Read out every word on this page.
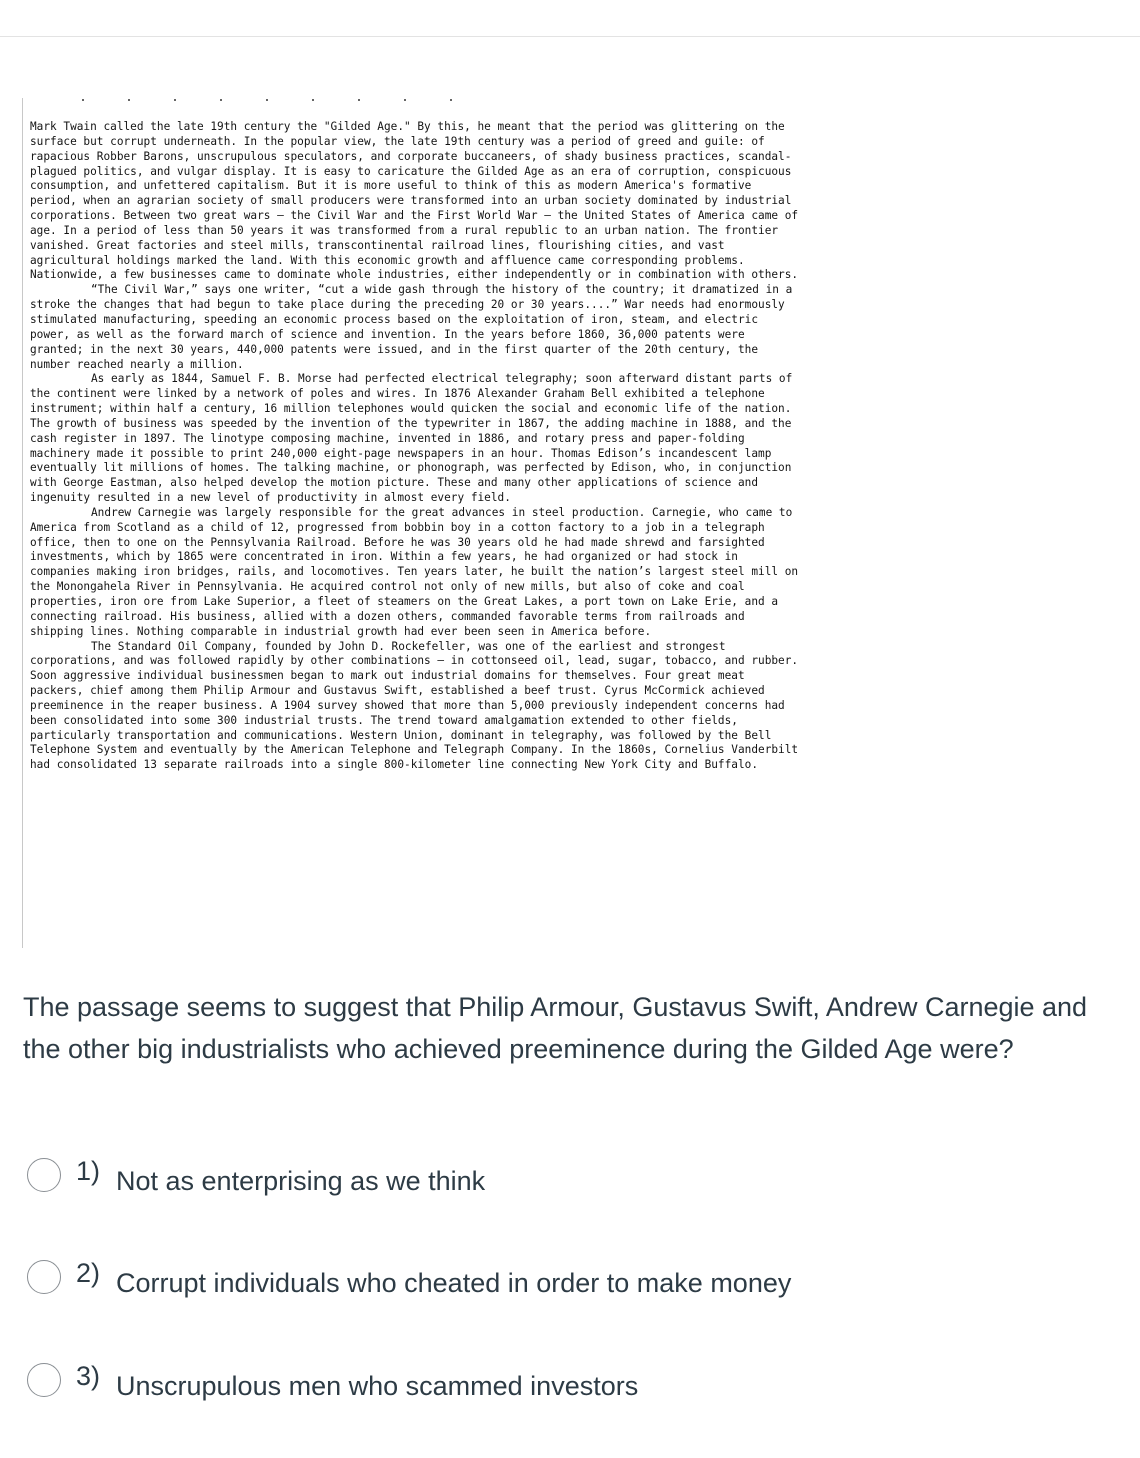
Mark Twain called the late 19th century the "Gilded Age." By this, he meant that the period was glittering on the surface but corrupt underneath. In the popular view, the late 19th century was a period of greed and guile: of rapacious Robber Barons, unscrupulous speculators, and corporate buccaneers, of shady business practices, scandal-plagued politics, and vulgar display. It is easy to caricature the Gilded Age as an era of corruption, conspicuous consumption, and unfettered capitalism. But it is more useful to think of this as modern America's formative period, when an agrarian society of small producers were transformed into an urban society dominated by industrial corporations. Between two great wars – the Civil War and the First World War – the United States of America came of age. In a period of less than 50 years it was transformed from a rural republic to an urban nation. The frontier vanished. Great factories and steel mills, transcontinental railroad lines, flourishing cities, and vast agricultural holdings marked the land. With this economic growth and affluence came corresponding problems. Nationwide, a few businesses came to dominate whole industries, either independently or in combination with others.

“The Civil War,” says one writer, “cut a wide gash through the history of the country; it dramatized in a stroke the changes that had begun to take place during the preceding 20 or 30 years....” War needs had enormously stimulated manufacturing, speeding an economic process based on the exploitation of iron, steam, and electric power, as well as the forward march of science and invention. In the years before 1860, 36,000 patents were granted; in the next 30 years, 440,000 patents were issued, and in the first quarter of the 20th century, the number reached nearly a million.

As early as 1844, Samuel F. B. Morse had perfected electrical telegraphy; soon afterward distant parts of the continent were linked by a network of poles and wires. In 1876 Alexander Graham Bell exhibited a telephone instrument; within half a century, 16 million telephones would quicken the social and economic life of the nation. The growth of business was speeded by the invention of the typewriter in 1867, the adding machine in 1888, and the cash register in 1897. The linotype composing machine, invented in 1886, and rotary press and paper-folding machinery made it possible to print 240,000 eight-page newspapers in an hour. Thomas Edison’s incandescent lamp eventually lit millions of homes. The talking machine, or phonograph, was perfected by Edison, who, in conjunction with George Eastman, also helped develop the motion picture. These and many other applications of science and ingenuity resulted in a new level of productivity in almost every field.

Andrew Carnegie was largely responsible for the great advances in steel production. Carnegie, who came to America from Scotland as a child of 12, progressed from bobbin boy in a cotton factory to a job in a telegraph office, then to one on the Pennsylvania Railroad. Before he was 30 years old he had made shrewd and farsighted investments, which by 1865 were concentrated in iron. Within a few years, he had organized or had stock in companies making iron bridges, rails, and locomotives. Ten years later, he built the nation’s largest steel mill on the Monongahela River in Pennsylvania. He acquired control not only of new mills, but also of coke and coal properties, iron ore from Lake Superior, a fleet of steamers on the Great Lakes, a port town on Lake Erie, and a connecting railroad. His business, allied with a dozen others, commanded favorable terms from railroads and shipping lines. Nothing comparable in industrial growth had ever been seen in America before.

The Standard Oil Company, founded by John D. Rockefeller, was one of the earliest and strongest corporations, and was followed rapidly by other combinations – in cottonseed oil, lead, sugar, tobacco, and rubber. Soon aggressive individual businessmen began to mark out industrial domains for themselves. Four great meat packers, chief among them Philip Armour and Gustavus Swift, established a beef trust. Cyrus McCormick achieved preeminence in the reaper business. A 1904 survey showed that more than 5,000 previously independent concerns had been consolidated into some 300 industrial trusts. The trend toward amalgamation extended to other fields, particularly transportation and communications. Western Union, dominant in telegraphy, was followed by the Bell Telephone System and eventually by the American Telephone and Telegraph Company. In the 1860s, Cornelius Vanderbilt had consolidated 13 separate railroads into a single 800-kilometer line connecting New York City and Buffalo.

The passage seems to suggest that Philip Armour, Gustavus Swift, Andrew Carnegie and the other big industrialists who achieved preeminence during the Gilded Age were?
1) Not as enterprising as we think
2) Corrupt individuals who cheated in order to make money
3) Unscrupulous men who scammed investors
